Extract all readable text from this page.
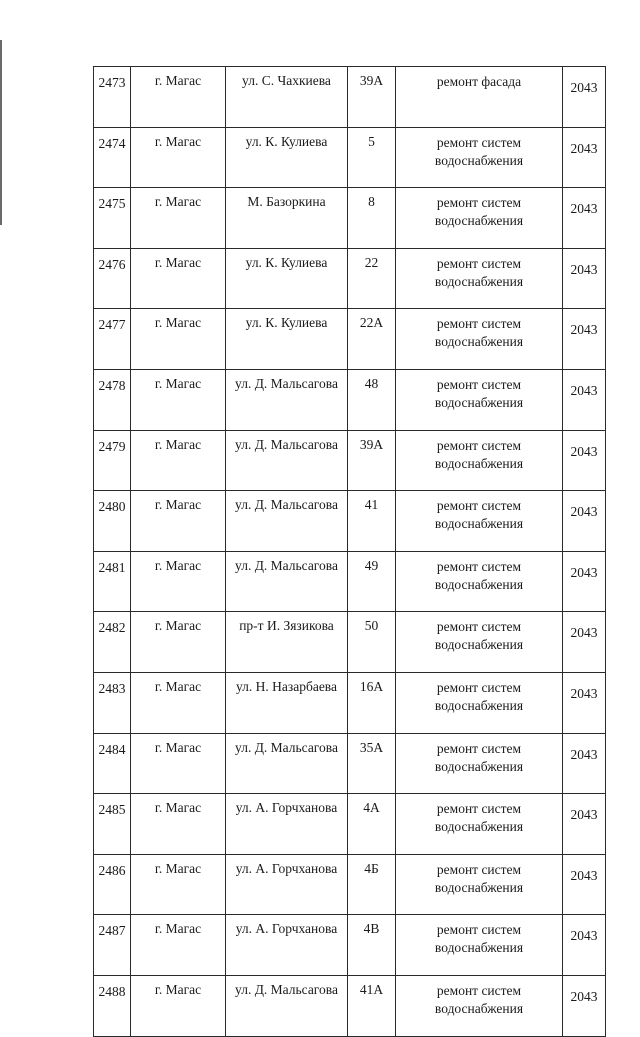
2473	г. Магас	ул. С. Чахкиева	39А	ремонт фасада	2043
2474	г. Магас	ул. К. Кулиева	5	ремонт систем
водоснабжения	2043
2475	г. Магас	М. Базоркина	8	ремонт систем
водоснабжения	2043
2476	г. Магас	ул. К. Кулиева	22	ремонт систем
водоснабжения	2043
2477	г. Магас	ул. К. Кулиева	22А	ремонт систем
водоснабжения	2043
2478	г. Магас	ул. Д. Мальсагова	48	ремонт систем
водоснабжения	2043
2479	г. Магас	ул. Д. Мальсагова	39А	ремонт систем
водоснабжения	2043
2480	г. Магас	ул. Д. Мальсагова	41	ремонт систем
водоснабжения	2043
2481	г. Магас	ул. Д. Мальсагова	49	ремонт систем
водоснабжения	2043
2482	г. Магас	пр-т И. Зязикова	50	ремонт систем
водоснабжения	2043
2483	г. Магас	ул. Н. Назарбаева	16А	ремонт систем
водоснабжения	2043
2484	г. Магас	ул. Д. Мальсагова	35А	ремонт систем
водоснабжения	2043
2485	г. Магас	ул. А. Горчханова	4А	ремонт систем
водоснабжения	2043
2486	г. Магас	ул. А. Горчханова	4Б	ремонт систем
водоснабжения	2043
2487	г. Магас	ул. А. Горчханова	4В	ремонт систем
водоснабжения	2043
2488	г. Магас	ул. Д. Мальсагова	41А	ремонт систем
водоснабжения	2043
